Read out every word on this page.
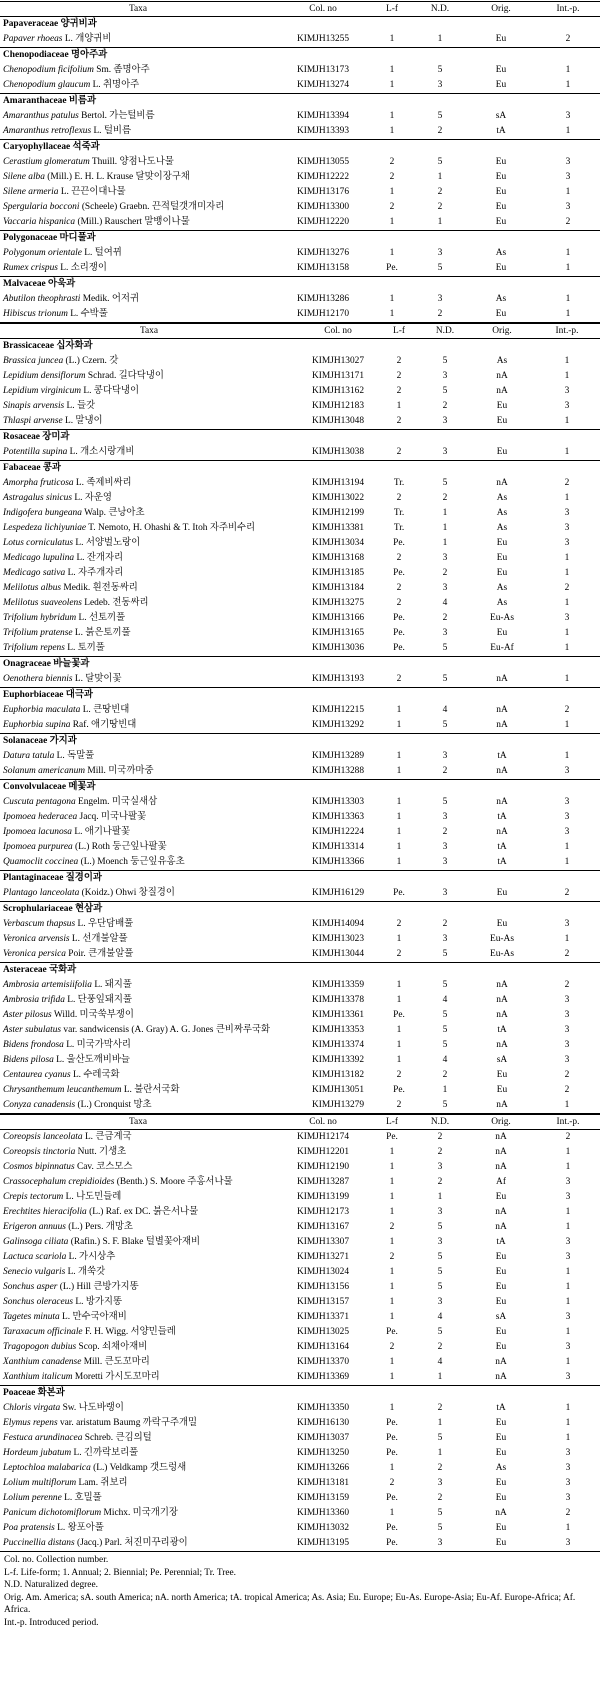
Taxa	Col. no	L-f	N.D.	Orig.	Int.-p.
Papaveraceae 양귀비과					
Papaver rhoeas L. 개양귀비	KIMJH13255	1	1	Eu	2
Chenopodiaceae 명아주과					
Chenopodium ficifolium Sm. 좀명아주	KIMJH13173	1	5	Eu	1
Chenopodium glaucum L. 취명아주	KIMJH13274	1	3	Eu	1
Amaranthaceae 비름과					
Amaranthus patulus Bertol. 가는털비름	KIMJH13394	1	5	sA	3
Amaranthus retroflexus L. 털비름	KIMJH13393	1	2	tA	1
Caryophyllaceae 석죽과					
Cerastium glomeratum Thuill. 양점나도나물	KIMJH13055	2	5	Eu	3
Silene alba (Mill.) E. H. L. Krause 달맞이장구채	KIMJH12222	2	1	Eu	3
Silene armeria L. 끈끈이대나물	KIMJH13176	1	2	Eu	1
Spergularia bocconi (Scheele) Graebn. 끈적털갯개미자리	KIMJH13300	2	2	Eu	3
Vaccaria hispanica (Mill.) Rauschert 말뱅이나물	KIMJH12220	1	1	Eu	2
Polygonaceae 마디풀과					
Polygonum orientale L. 털여뀌	KIMJH13276	1	3	As	1
Rumex crispus L. 소리쟁이	KIMJH13158	Pe.	5	Eu	1
Malvaceae 아욱과					
Abutilon theophrasti Medik. 어저귀	KIMJH13286	1	3	As	1
Hibiscus trionum L. 수박풀	KIMJH12170	1	2	Eu	1
Taxa	Col. no	L-f	N.D.	Orig.	Int.-p.
Brassicaceae 십자화과					
Brassica juncea (L.) Czern. 갓	KIMJH13027	2	5	As	1
Lepidium densiflorum Schrad. 길다닥냉이	KIMJH13171	2	3	nA	1
Lepidium virginicum L. 콩다닥냉이	KIMJH13162	2	5	nA	3
Sinapis arvensis L. 들갓	KIMJH12183	1	2	Eu	3
Thlaspi arvense L. 말냉이	KIMJH13048	2	3	Eu	1
Rosaceae 장미과					
Potentilla supina L. 개소시랑개비	KIMJH13038	2	3	Eu	1
Fabaceae 콩과					
Amorpha fruticosa L. 족제비싸리	KIMJH13194	Tr.	5	nA	2
Astragalus sinicus L. 자운영	KIMJH13022	2	2	As	1
Indigofera bungeana Walp. 큰낭아초	KIMJH12199	Tr.	1	As	3
Lespedeza lichiyuniae T. Nemoto, H. Ohashi & T. Itoh 자주비수리	KIMJH13381	Tr.	1	As	3
Lotus corniculatus L. 서양벌노랑이	KIMJH13034	Pe.	1	Eu	3
Medicago lupulina L. 잔개자리	KIMJH13168	2	3	Eu	1
Medicago sativa L. 자주개자리	KIMJH13185	Pe.	2	Eu	1
Melilotus albus Medik. 흰전동싸리	KIMJH13184	2	3	As	2
Melilotus suaveolens Ledeb. 전동싸리	KIMJH13275	2	4	As	1
Trifolium hybridum L. 선토끼풀	KIMJH13166	Pe.	2	Eu-As	3
Trifolium pratense L. 붉은토끼풀	KIMJH13165	Pe.	3	Eu	1
Trifolium repens L. 토끼풀	KIMJH13036	Pe.	5	Eu-Af	1
Onagraceae 바늘꽃과					
Oenothera biennis L. 달맞이꽃	KIMJH13193	2	5	nA	1
Euphorbiaceae 대극과					
Euphorbia maculata L. 큰땅빈대	KIMJH12215	1	4	nA	2
Euphorbia supina Raf. 애기땅빈대	KIMJH13292	1	5	nA	1
Solanaceae 가지과					
Datura tatula L. 독말풀	KIMJH13289	1	3	tA	1
Solanum americanum Mill. 미국까마중	KIMJH13288	1	2	nA	3
Convolvulaceae 메꽃과					
Cuscuta pentagona Engelm. 미국실새삼	KIMJH13303	1	5	nA	3
Ipomoea hederacea Jacq. 미국나팔꽃	KIMJH13363	1	3	tA	3
Ipomoea lacunosa L. 애기나팔꽃	KIMJH12224	1	2	nA	3
Ipomoea purpurea (L.) Roth 둥근잎나팔꽃	KIMJH13314	1	3	tA	1
Quamoclit coccinea (L.) Moench 둥근잎유홍초	KIMJH13366	1	3	tA	1
Plantaginaceae 질경이과					
Plantago lanceolata (Koidz.) Ohwi 창질경이	KIMJH16129	Pe.	3	Eu	2
Scrophulariaceae 현삼과					
Verbascum thapsus L. 우단담배풀	KIMJH14094	2	2	Eu	3
Veronica arvensis L. 선개불알풀	KIMJH13023	1	3	Eu-As	1
Veronica persica Poir. 큰개불알풀	KIMJH13044	2	5	Eu-As	2
Asteraceae 국화과					
Ambrosia artemisiifolia L. 돼지풀	KIMJH13359	1	5	nA	2
Ambrosia trifida L. 단풍잎돼지풀	KIMJH13378	1	4	nA	3
Aster pilosus Willd. 미국쑥부쟁이	KIMJH13361	Pe.	5	nA	3
Aster subulatus var. sandwicensis (A. Gray) A. G. Jones 큰비짜루국화	KIMJH13353	1	5	tA	3
Bidens frondosa L. 미국가막사리	KIMJH13374	1	5	nA	3
Bidens pilosa L. 울산도깨비바늘	KIMJH13392	1	4	sA	3
Centaurea cyanus L. 수레국화	KIMJH13182	2	2	Eu	2
Chrysanthemum leucanthemum L. 불란서국화	KIMJH13051	Pe.	1	Eu	2
Conyza canadensis (L.) Cronquist 망초	KIMJH13279	2	5	nA	1
Taxa	Col. no	L-f	N.D.	Orig.	Int.-p.
Coreopsis lanceolata L. 큰금계국	KIMJH12174	Pe.	2	nA	2
Coreopsis tinctoria Nutt. 기생초	KIMJH12201	1	2	nA	1
Cosmos bipinnatus Cav. 코스모스	KIMJH12190	1	3	nA	1
Crassocephalum crepidioides (Benth.) S. Moore 주홍서나물	KIMJH13287	1	2	Af	3
Crepis tectorum L. 나도민들레	KIMJH13199	1	1	Eu	3
Erechtites hieracifolia (L.) Raf. ex DC. 붉은서나물	KIMJH12173	1	3	nA	1
Erigeron annuus (L.) Pers. 개망초	KIMJH13167	2	5	nA	1
Galinsoga ciliata (Rafin.) S. F. Blake 털별꽃아재비	KIMJH13307	1	3	tA	3
Lactuca scariola L. 가시상추	KIMJH13271	2	5	Eu	3
Senecio vulgaris L. 개쑥갓	KIMJH13024	1	5	Eu	1
Sonchus asper (L.) Hill 큰방가지똥	KIMJH13156	1	5	Eu	1
Sonchus oleraceus L. 방가지똥	KIMJH13157	1	3	Eu	1
Tagetes minuta L. 만수국아재비	KIMJH13371	1	4	sA	3
Taraxacum officinale F. H. Wigg. 서양민들레	KIMJH13025	Pe.	5	Eu	1
Tragopogon dubius Scop. 쇠채아재비	KIMJH13164	2	2	Eu	3
Xanthium canadense Mill. 큰도꼬마리	KIMJH13370	1	4	nA	1
Xanthium italicum Moretti 가시도꼬마리	KIMJH13369	1	1	nA	3
Poaceae 화본과					
Chloris virgata Sw. 나도바랭이	KIMJH13350	1	2	tA	1
Elymus repens var. aristatum Baumg 까락구주개밀	KIMJH16130	Pe.	1	Eu	1
Festuca arundinacea Schreb. 큰김의털	KIMJH13037	Pe.	5	Eu	1
Hordeum jubatum L. 긴까락보리풀	KIMJH13250	Pe.	1	Eu	3
Leptochloa malabarica (L.) Veldkamp 갯드렁새	KIMJH13266	1	2	As	3
Lolium multiflorum Lam. 쥐보리	KIMJH13181	2	3	Eu	3
Lolium perenne L. 호밀풀	KIMJH13159	Pe.	2	Eu	3
Panicum dichotomiflorum Michx. 미국개기장	KIMJH13360	1	5	nA	2
Poa pratensis L. 왕포아풀	KIMJH13032	Pe.	5	Eu	1
Puccinellia distans (Jacq.) Parl. 처진미꾸리광이	KIMJH13195	Pe.	3	Eu	3
Col. no. Collection number.
L-f. Life-form; 1. Annual; 2. Biennial; Pe. Perennial; Tr. Tree.
N.D. Naturalized degree.
Orig. Am. America; sA. south America; nA. north America; tA. tropical America; As. Asia; Eu. Europe; Eu-As. Europe-Asia; Eu-Af. Europe-Africa; Af. Africa.
Int.-p. Introduced period.
